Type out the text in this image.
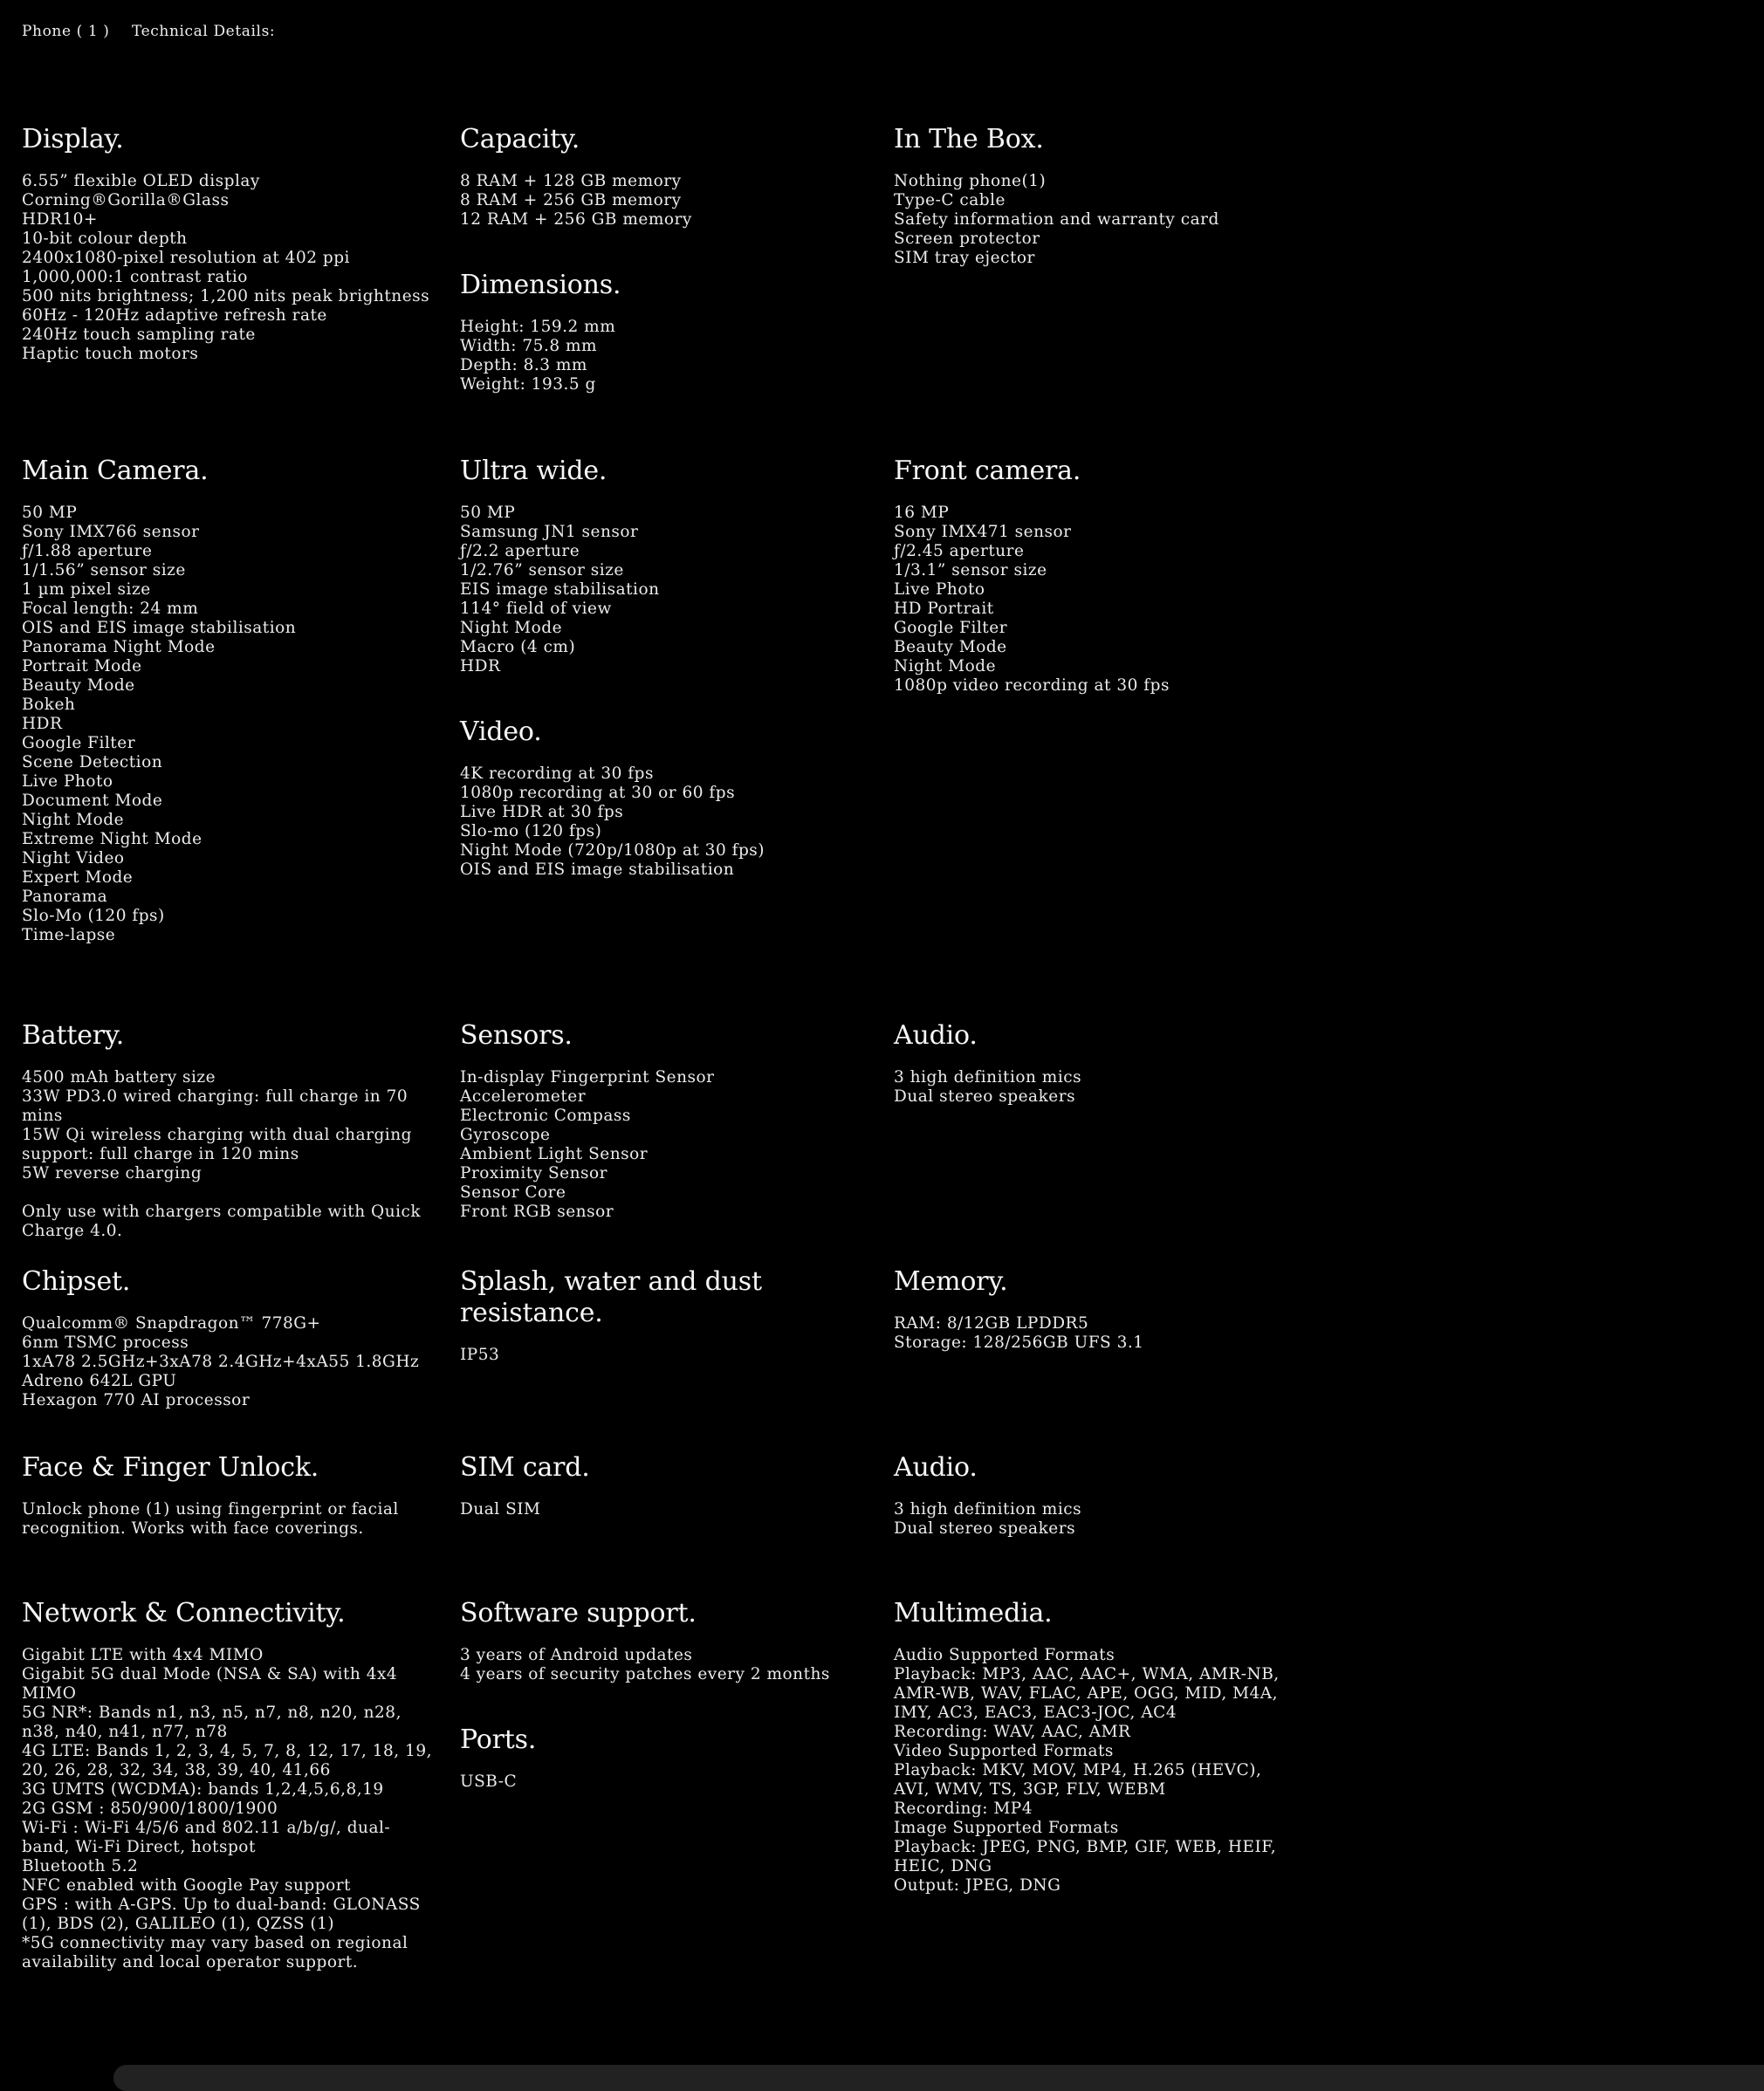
Phone ( 1 ) Technical Details:
Display.
6.55” flexible OLED display
Corning®Gorilla®Glass
HDR10+
10-bit colour depth
2400x1080-pixel resolution at 402 ppi
1,000,000:1 contrast ratio
500 nits brightness; 1,200 nits peak brightness
60Hz - 120Hz adaptive refresh rate
240Hz touch sampling rate
Haptic touch motors
Capacity.
8 RAM + 128 GB memory
8 RAM + 256 GB memory
12 RAM + 256 GB memory
Dimensions.
Height: 159.2 mm
Width: 75.8 mm
Depth: 8.3 mm
Weight: 193.5 g
In The Box.
Nothing phone(1)
Type-C cable
Safety information and warranty card
Screen protector
SIM tray ejector
Main Camera.
50 MP
Sony IMX766 sensor
ƒ/1.88 aperture
1/1.56” sensor size
1 µm pixel size
Focal length: 24 mm
OIS and EIS image stabilisation
Panorama Night Mode
Portrait Mode
Beauty Mode
Bokeh
HDR
Google Filter
Scene Detection
Live Photo
Document Mode
Night Mode
Extreme Night Mode
Night Video
Expert Mode
Panorama
Slo-Mo (120 fps)
Time-lapse
Ultra wide.
50 MP
Samsung JN1 sensor
ƒ/2.2 aperture
1/2.76” sensor size
EIS image stabilisation
114° field of view
Night Mode
Macro (4 cm)
HDR
Video.
4K recording at 30 fps
1080p recording at 30 or 60 fps
Live HDR at 30 fps
Slo-mo (120 fps)
Night Mode (720p/1080p at 30 fps)
OIS and EIS image stabilisation
Front camera.
16 MP
Sony IMX471 sensor
ƒ/2.45 aperture
1/3.1” sensor size
Live Photo
HD Portrait
Google Filter
Beauty Mode
Night Mode
1080p video recording at 30 fps
Battery.
4500 mAh battery size
33W PD3.0 wired charging: full charge in 70 mins
15W Qi wireless charging with dual charging support: full charge in 120 mins
5W reverse charging
Only use with chargers compatible with Quick Charge 4.0.
Sensors.
In-display Fingerprint Sensor
Accelerometer
Electronic Compass
Gyroscope
Ambient Light Sensor
Proximity Sensor
Sensor Core
Front RGB sensor
Audio.
3 high definition mics
Dual stereo speakers
Chipset.
Qualcomm® Snapdragon™ 778G+
6nm TSMC process
1xA78 2.5GHz+3xA78 2.4GHz+4xA55 1.8GHz
Adreno 642L GPU
Hexagon 770 AI processor
Splash, water and dust resistance.
IP53
Memory.
RAM: 8/12GB LPDDR5
Storage: 128/256GB UFS 3.1
Face & Finger Unlock.
Unlock phone (1) using fingerprint or facial recognition. Works with face coverings.
SIM card.
Dual SIM
Audio.
3 high definition mics
Dual stereo speakers
Network & Connectivity.
Gigabit LTE with 4x4 MIMO
Gigabit 5G dual Mode (NSA & SA) with 4x4 MIMO
5G NR*: Bands n1, n3, n5, n7, n8, n20, n28, n38, n40, n41, n77, n78
4G LTE: Bands 1, 2, 3, 4, 5, 7, 8, 12, 17, 18, 19, 20, 26, 28, 32, 34, 38, 39, 40, 41,66
3G UMTS (WCDMA): bands 1,2,4,5,6,8,19
2G GSM : 850/900/1800/1900
Wi-Fi : Wi-Fi 4/5/6 and 802.11 a/b/g/, dual-band, Wi-Fi Direct, hotspot
Bluetooth 5.2
NFC enabled with Google Pay support
GPS : with A-GPS. Up to dual-band: GLONASS (1), BDS (2), GALILEO (1), QZSS (1)
*5G connectivity may vary based on regional availability and local operator support.
Software support.
3 years of Android updates
4 years of security patches every 2 months
Ports.
USB-C
Multimedia.
Audio Supported Formats
Playback: MP3, AAC, AAC+, WMA, AMR-NB, AMR-WB, WAV, FLAC, APE, OGG, MID, M4A, IMY, AC3, EAC3, EAC3-JOC, AC4
Recording: WAV, AAC, AMR
Video Supported Formats
Playback: MKV, MOV, MP4, H.265 (HEVC), AVI, WMV, TS, 3GP, FLV, WEBM
Recording: MP4
Image Supported Formats
Playback: JPEG, PNG, BMP, GIF, WEB, HEIF, HEIC, DNG
Output: JPEG, DNG
